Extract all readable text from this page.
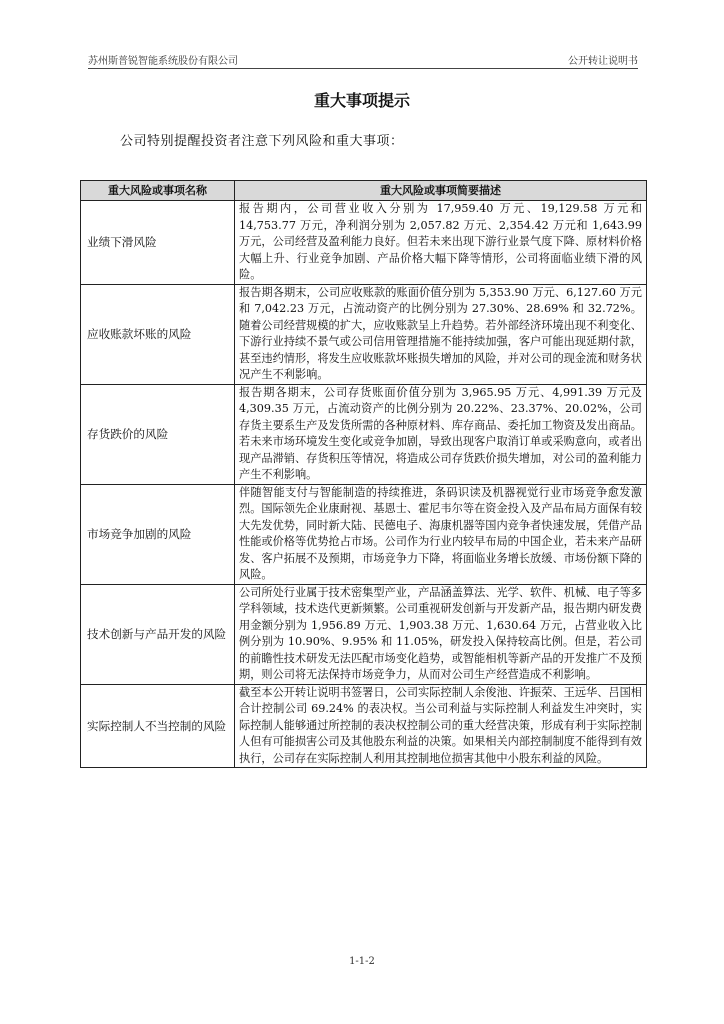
苏州斯普锐智能系统股份有限公司	公开转让说明书
重大事项提示
公司特别提醒投资者注意下列风险和重大事项：
重大风险或事项名称	重大风险或事项简要描述
业绩下滑风险	报告期内，公司营业收入分别为 17,959.40 万元、19,129.58 万元和 14,753.77 万元，净利润分别为 2,057.82 万元、2,354.42 万元和 1,643.99 万元，公司经营及盈利能力良好。但若未来出现下游行业景气度下降、原材料价格大幅上升、行业竞争加剧、产品价格大幅下降等情形，公司将面临业绩下滑的风险。
应收账款坏账的风险	报告期各期末，公司应收账款的账面价值分别为 5,353.90 万元、6,127.60 万元和 7,042.23 万元，占流动资产的比例分别为 27.30%、28.69% 和 32.72%。随着公司经营规模的扩大，应收账款呈上升趋势。若外部经济环境出现不利变化、下游行业持续不景气或公司信用管理措施不能持续加强，客户可能出现延期付款，甚至违约情形，将发生应收账款坏账损失增加的风险，并对公司的现金流和财务状况产生不利影响。
存货跌价的风险	报告期各期末，公司存货账面价值分别为 3,965.95 万元、4,991.39 万元及 4,309.35 万元，占流动资产的比例分别为 20.22%、23.37%、20.02%，公司存货主要系生产及发货所需的各种原材料、库存商品、委托加工物资及发出商品。若未来市场环境发生变化或竞争加剧，导致出现客户取消订单或采购意向，或者出现产品滞销、存货积压等情况，将造成公司存货跌价损失增加，对公司的盈利能力产生不利影响。
市场竞争加剧的风险	伴随智能支付与智能制造的持续推进，条码识读及机器视觉行业市场竞争愈发激烈。国际领先企业康耐视、基恩士、霍尼韦尔等在资金投入及产品布局方面保有较大先发优势，同时新大陆、民德电子、海康机器等国内竞争者快速发展，凭借产品性能或价格等优势抢占市场。公司作为行业内较早布局的中国企业，若未来产品研发、客户拓展不及预期，市场竞争力下降，将面临业务增长放缓、市场份额下降的风险。
技术创新与产品开发的风险	公司所处行业属于技术密集型产业，产品涵盖算法、光学、软件、机械、电子等多学科领域，技术迭代更新频繁。公司重视研发创新与开发新产品，报告期内研发费用金额分别为 1,956.89 万元、1,903.38 万元、1,630.64 万元，占营业收入比例分别为 10.90%、9.95% 和 11.05%，研发投入保持较高比例。但是，若公司的前瞻性技术研发无法匹配市场变化趋势，或智能相机等新产品的开发推广不及预期，则公司将无法保持市场竞争力，从而对公司生产经营造成不利影响。
实际控制人不当控制的风险	截至本公开转让说明书签署日，公司实际控制人余俊池、许振荣、王远华、吕国相合计控制公司 69.24% 的表决权。当公司利益与实际控制人利益发生冲突时，实际控制人能够通过所控制的表决权控制公司的重大经营决策，形成有利于实际控制人但有可能损害公司及其他股东利益的决策。如果相关内部控制制度不能得到有效执行，公司存在实际控制人利用其控制地位损害其他中小股东利益的风险。
1-1-2
